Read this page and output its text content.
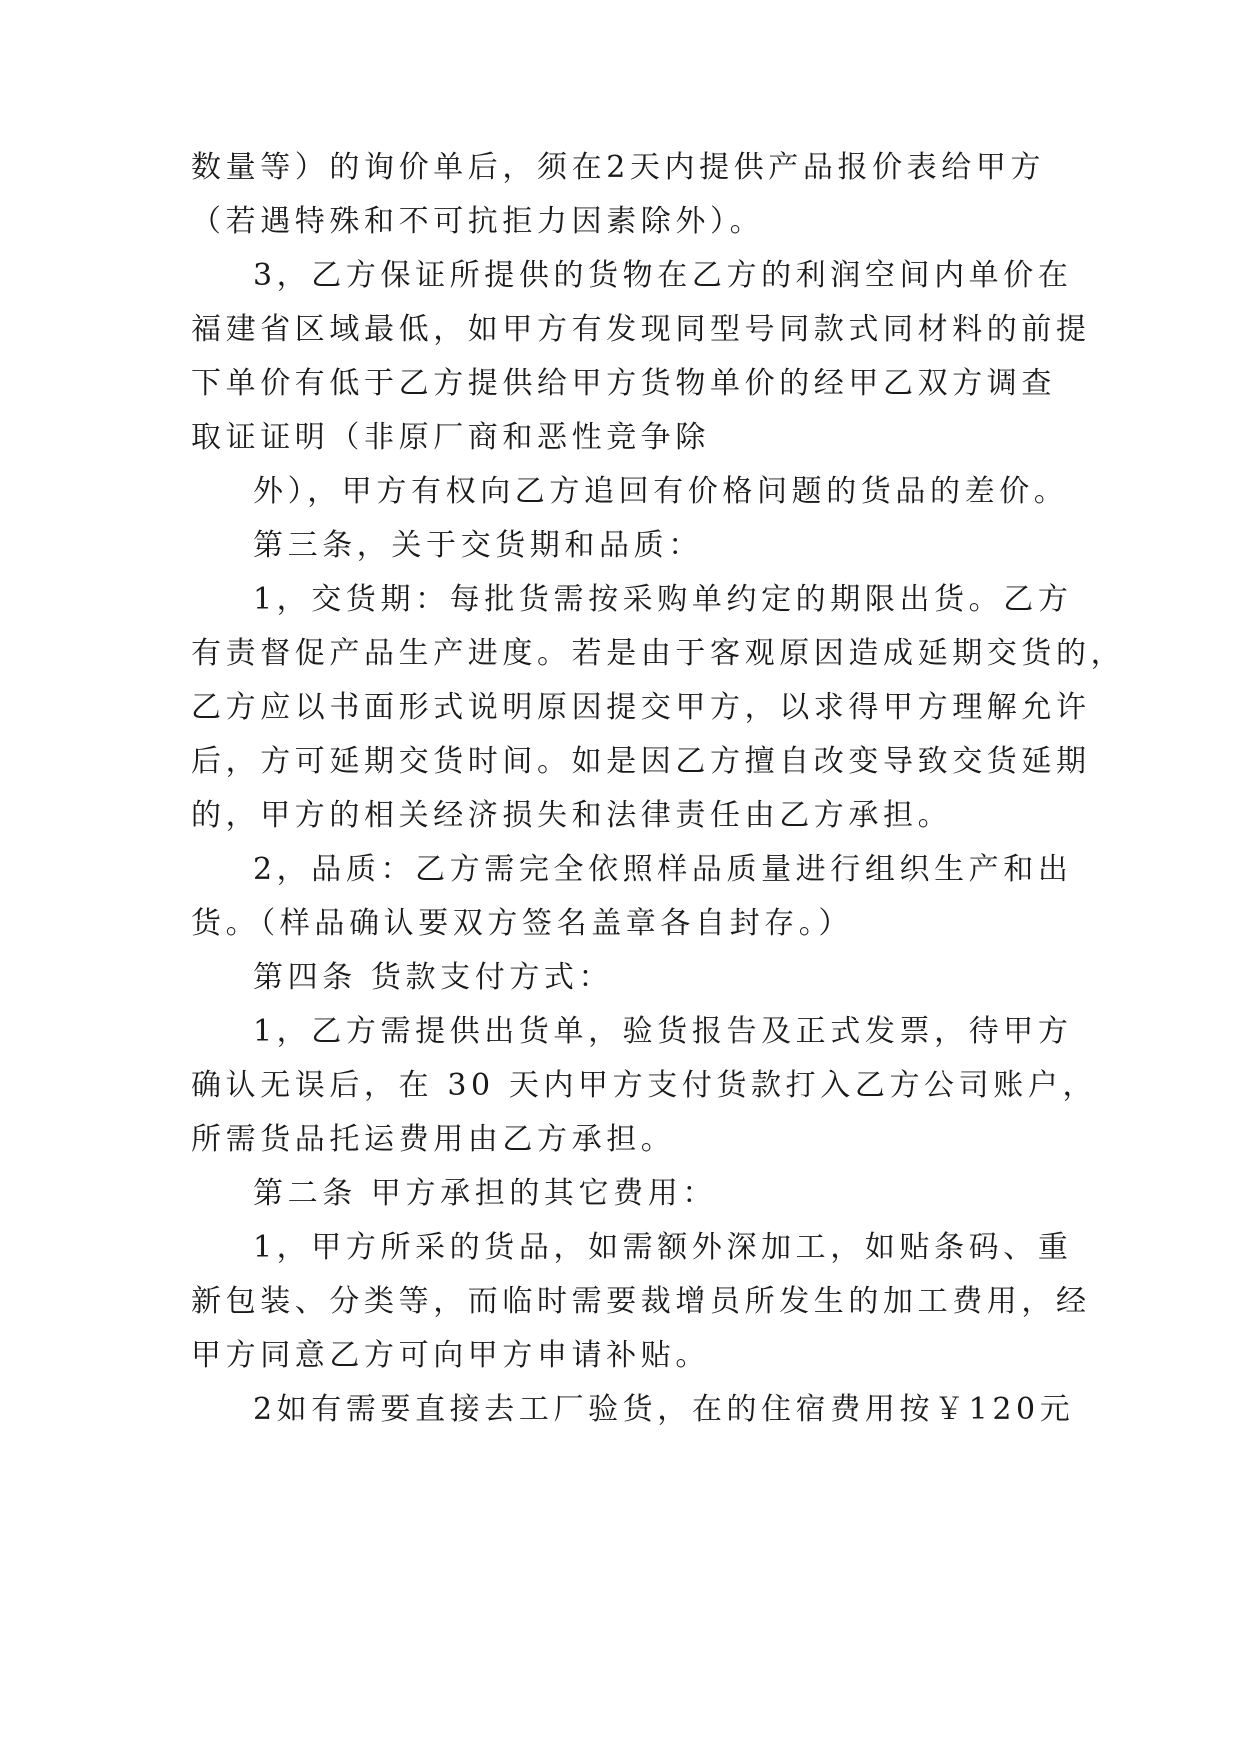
数量等）的询价单后，须在2天内提供产品报价表给甲方
（若遇特殊和不可抗拒力因素除外）。
3，乙方保证所提供的货物在乙方的利润空间内单价在
福建省区域最低，如甲方有发现同型号同款式同材料的前提
下单价有低于乙方提供给甲方货物单价的经甲乙双方调查
取证证明（非原厂商和恶性竞争除
外），甲方有权向乙方追回有价格问题的货品的差价。
第三条，关于交货期和品质：
1，交货期：每批货需按采购单约定的期限出货。乙方
有责督促产品生产进度。若是由于客观原因造成延期交货的，
乙方应以书面形式说明原因提交甲方，以求得甲方理解允许
后，方可延期交货时间。如是因乙方擅自改变导致交货延期
的，甲方的相关经济损失和法律责任由乙方承担。
2，品质：乙方需完全依照样品质量进行组织生产和出
货。（样品确认要双方签名盖章各自封存。）
第四条 货款支付方式：
1，乙方需提供出货单，验货报告及正式发票，待甲方
确认无误后，在 30 天内甲方支付货款打入乙方公司账户，
所需货品托运费用由乙方承担。
第二条 甲方承担的其它费用：
1，甲方所采的货品，如需额外深加工，如贴条码、重
新包装、分类等，而临时需要裁增员所发生的加工费用，经
甲方同意乙方可向甲方申请补贴。
2如有需要直接去工厂验货，在的住宿费用按￥120元
